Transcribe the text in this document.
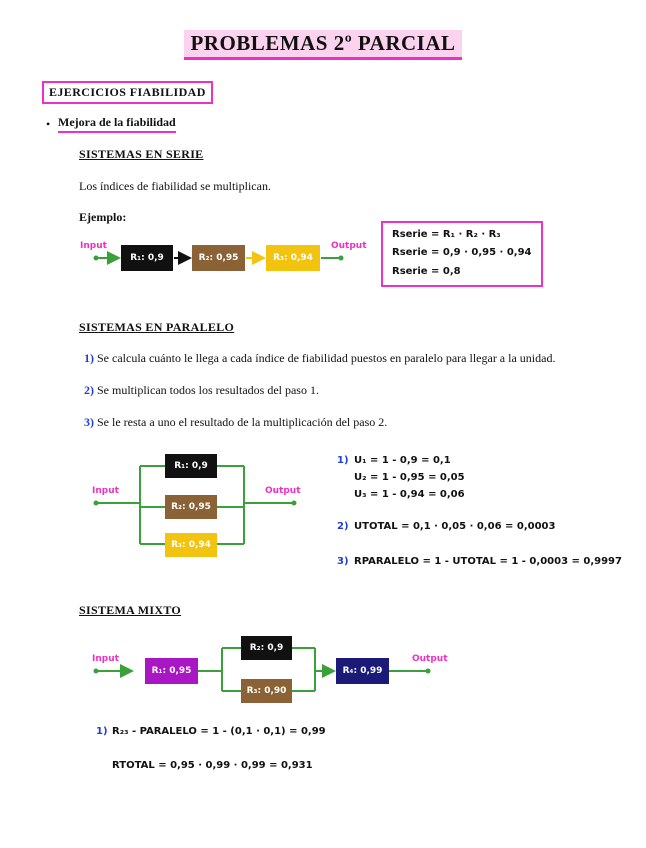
PROBLEMAS 2º PARCIAL
EJERCICIOS FIABILIDAD
• Mejora de la fiabilidad
SISTEMAS EN SERIE
Los índices de fiabilidad se multiplican.
Ejemplo:
Input	Output
R₁: 0,9	R₂: 0,95	R₃: 0,94
Rserie = R₁ · R₂ · R₃
Rserie = 0,9 · 0,95 · 0,94
Rserie = 0,8
SISTEMAS EN PARALELO
1) Se calcula cuánto le llega a cada índice de fiabilidad puestos en paralelo para llegar a la unidad.
2) Se multiplican todos los resultados del paso 1.
3) Se le resta a uno el resultado de la multiplicación del paso 2.
Input	Output
R₁: 0,9
R₂: 0,95
R₃: 0,94
1) U₁ = 1 - 0,9 = 0,1
U₂ = 1 - 0,95 = 0,05
U₃ = 1 - 0,94 = 0,06
2) UTOTAL = 0,1 · 0,05 · 0,06 = 0,0003
3) RPARALELO = 1 - UTOTAL = 1 - 0,0003 = 0,9997
SISTEMA MIXTO
Input	Output
R₁: 0,95
R₂: 0,9
R₃: 0,90
R₄: 0,99
1) R₂₃ - PARALELO = 1 - (0,1 · 0,1) = 0,99
RTOTAL = 0,95 · 0,99 · 0,99 = 0,931
